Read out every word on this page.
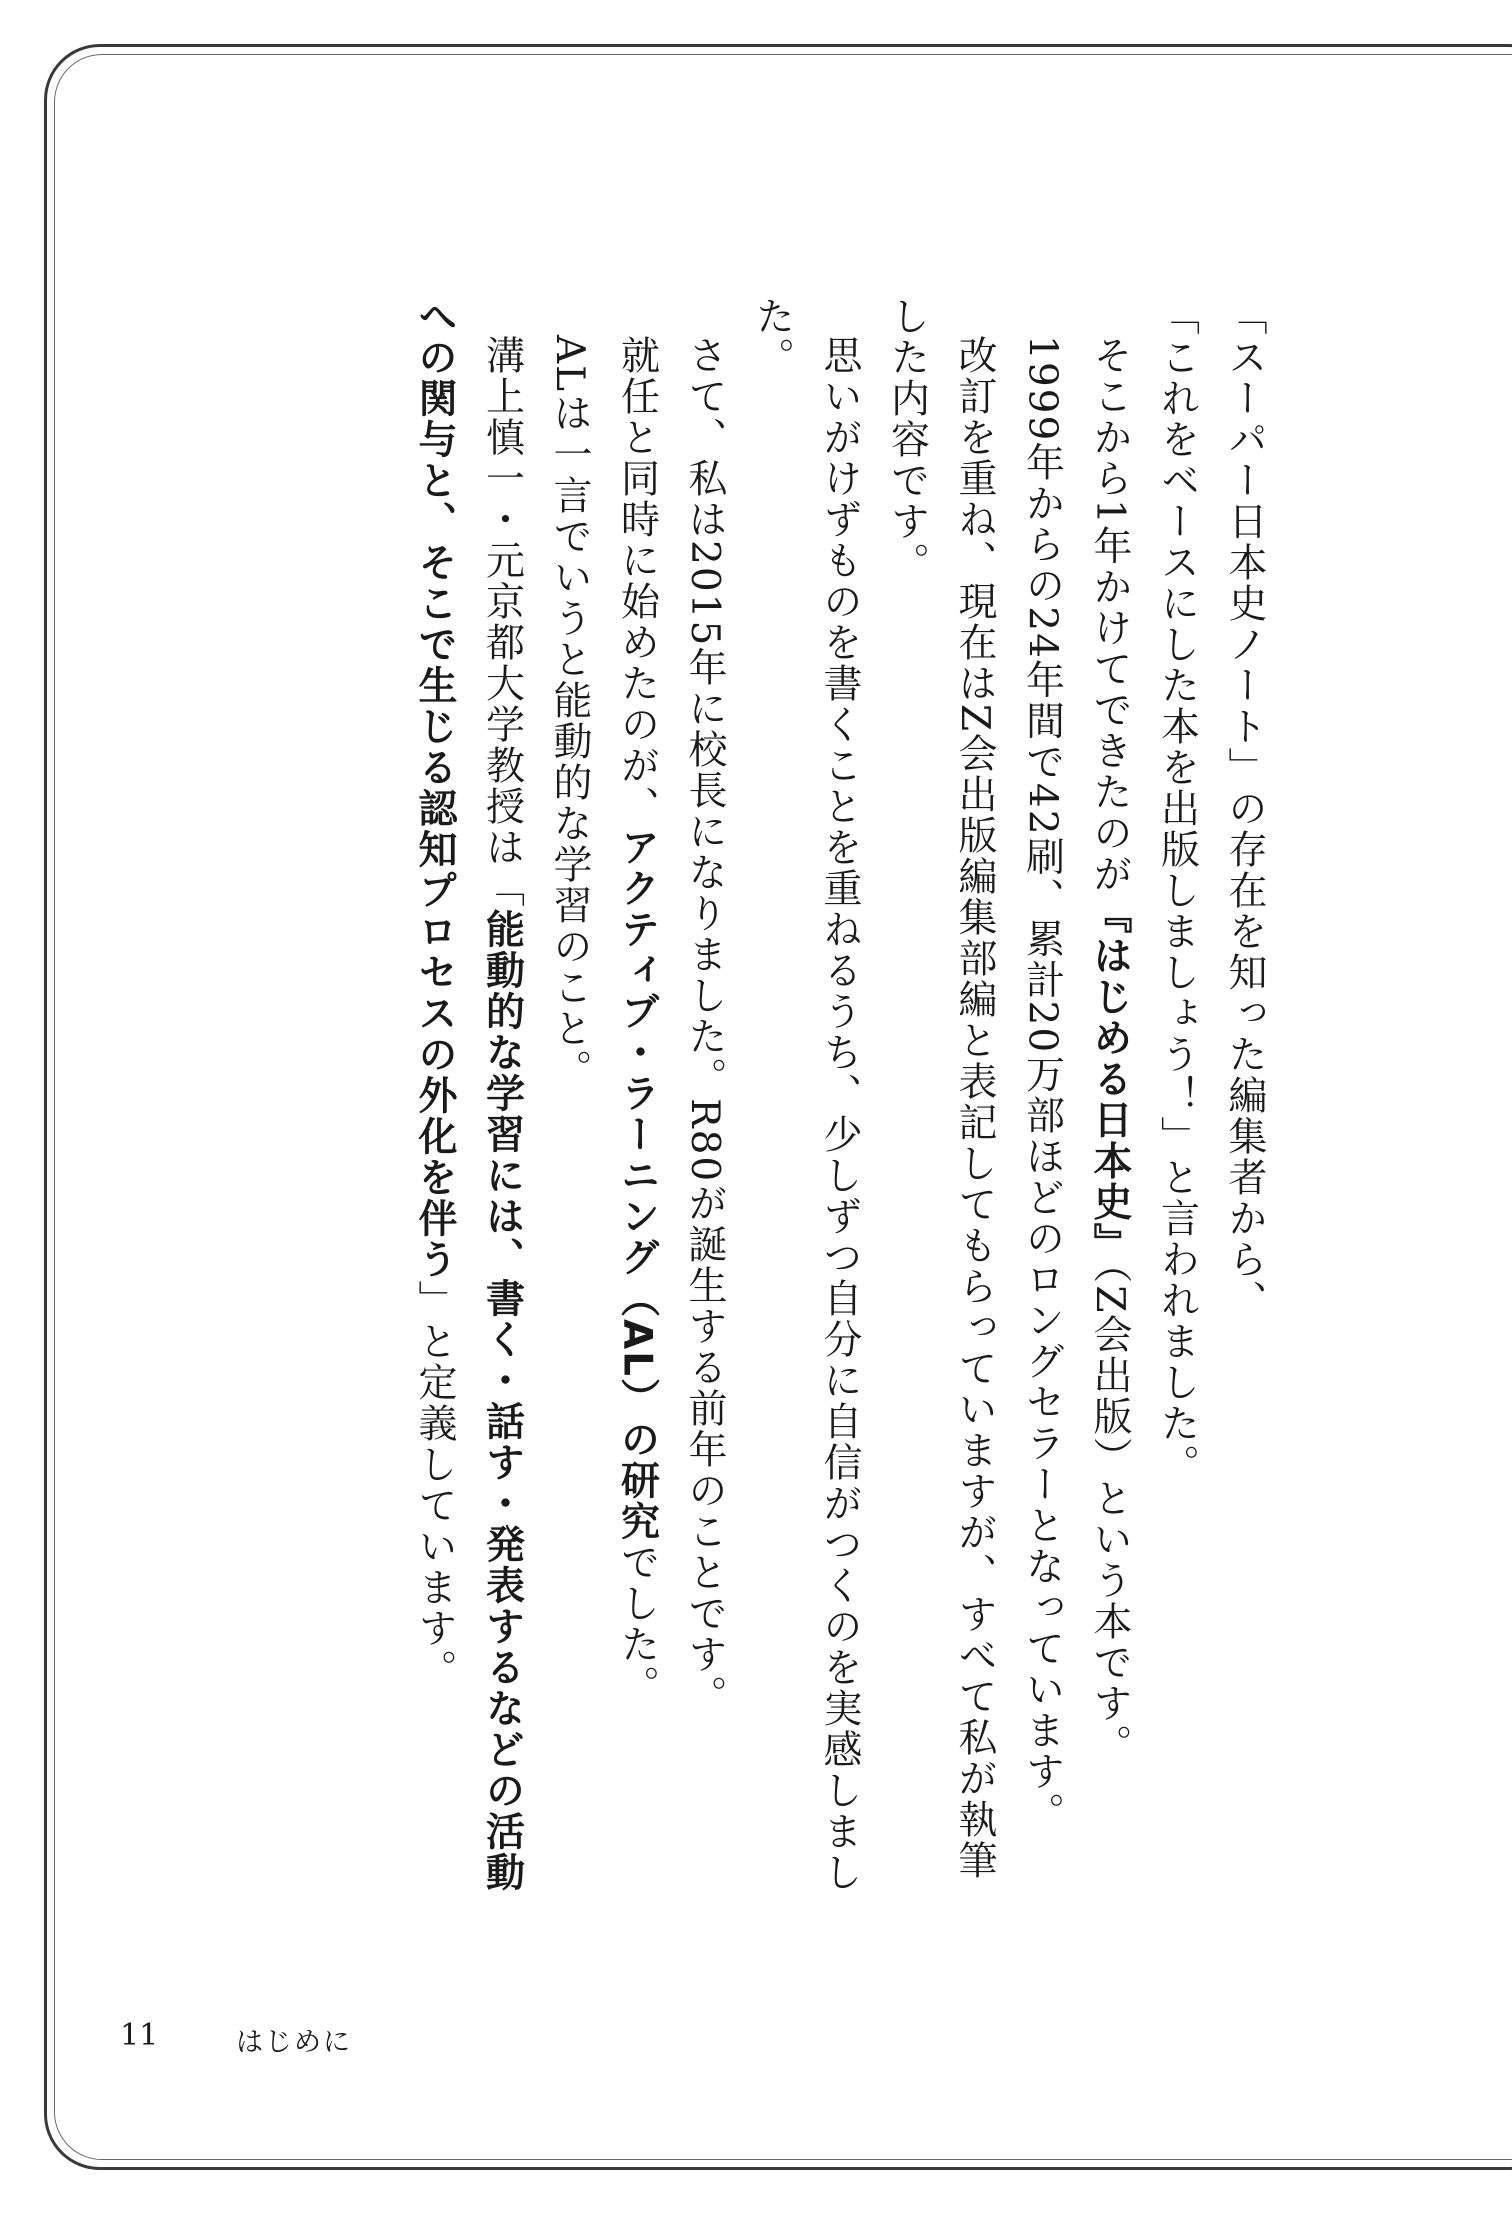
「スーパー日本史ノート」の存在を知った編集者から、

「これをベースにした本を出版しましょう！」と言われました。

そこから1年かけてできたのが『はじめる日本史』（Z会出版）という本です。

1999年からの24年間で42刷、累計20万部ほどのロングセラーとなっています。

改訂を重ね、現在はZ会出版編集部編と表記してもらっていますが、すべて私が執筆した内容です。

思いがけずものを書くことを重ねるうち、少しずつ自分に自信がつくのを実感しました。

さて、私は2015年に校長になりました。R80が誕生する前年のことです。

就任と同時に始めたのが、アクティブ・ラーニング（AL）の研究でした。

ALは一言でいうと能動的な学習のこと。

溝上慎一・元京都大学教授は「能動的な学習には、書く・話す・発表するなどの活動への関与と、そこで生じる認知プロセスの外化を伴う」と定義しています。

11	はじめに
